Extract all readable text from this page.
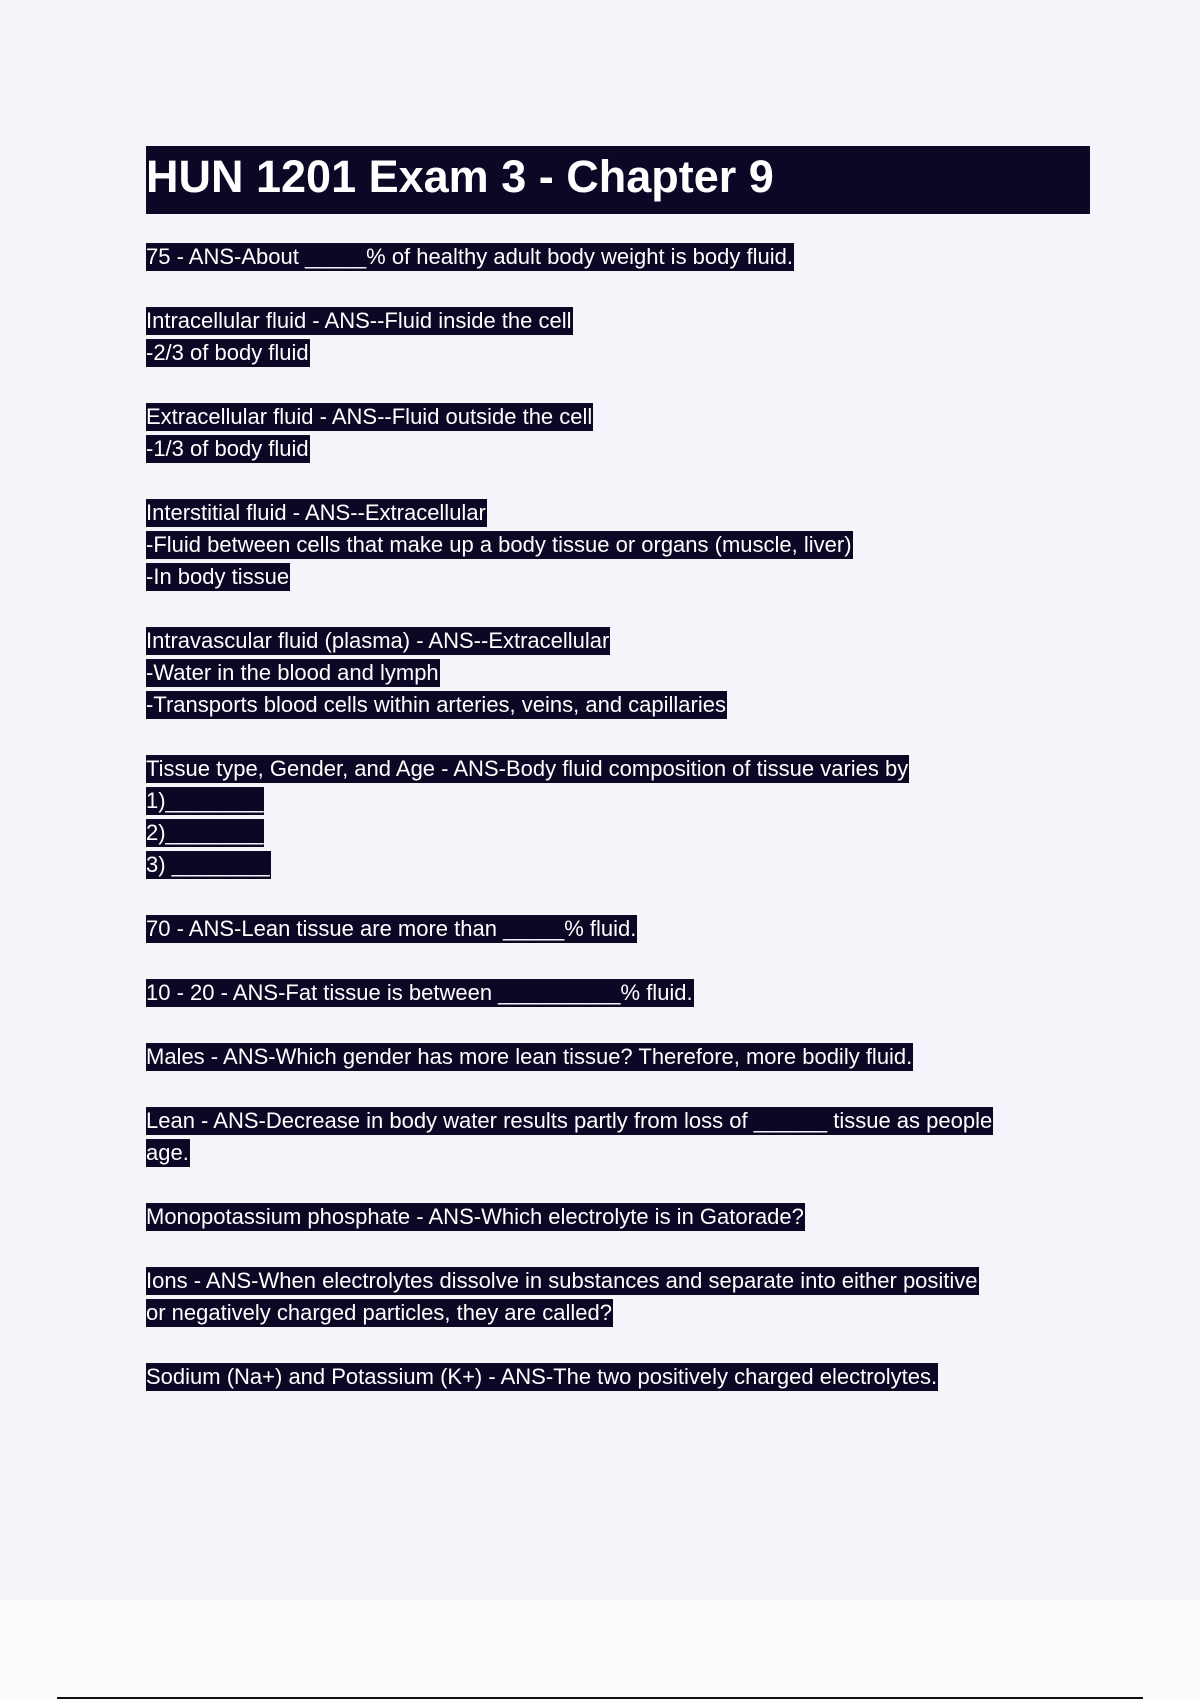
HUN 1201 Exam 3 - Chapter 9
75 - ANS-About _____% of healthy adult body weight is body fluid.
Intracellular fluid - ANS--Fluid inside the cell
-2/3 of body fluid
Extracellular fluid - ANS--Fluid outside the cell
-1/3 of body fluid
Interstitial fluid - ANS--Extracellular
-Fluid between cells that make up a body tissue or organs (muscle, liver)
-In body tissue
Intravascular fluid (plasma) - ANS--Extracellular
-Water in the blood and lymph
-Transports blood cells within arteries, veins, and capillaries
Tissue type, Gender, and Age - ANS-Body fluid composition of tissue varies by
1)________
2)________
3) ________
70 - ANS-Lean tissue are more than _____% fluid.
10 - 20 - ANS-Fat tissue is between __________% fluid.
Males - ANS-Which gender has more lean tissue? Therefore, more bodily fluid.
Lean - ANS-Decrease in body water results partly from loss of ______ tissue as people
age.
Monopotassium phosphate - ANS-Which electrolyte is in Gatorade?
Ions - ANS-When electrolytes dissolve in substances and separate into either positive
or negatively charged particles, they are called?
Sodium (Na+) and Potassium (K+) - ANS-The two positively charged electrolytes.
